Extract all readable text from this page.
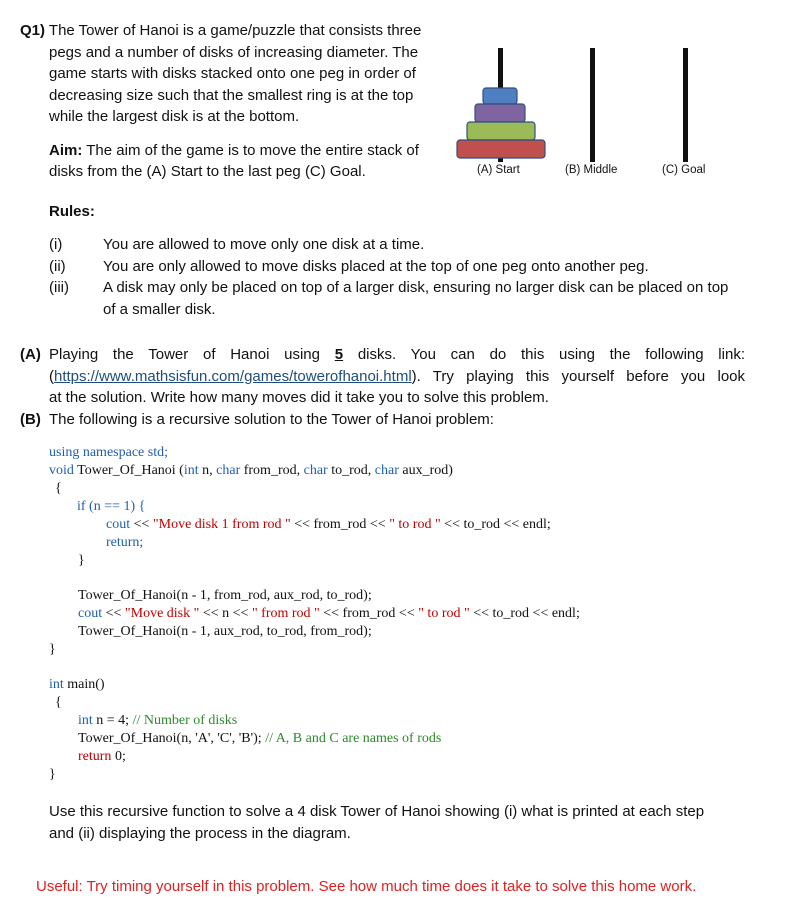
Q1) The Tower of Hanoi is a game/puzzle that consists three
pegs and a number of disks of increasing diameter. The
game starts with disks stacked onto one peg in order of
decreasing size such that the smallest ring is at the top
while the largest disk is at the bottom.
Aim: The aim of the game is to move the entire stack of
disks from the (A) Start to the last peg (C) Goal.	(A) Start	(B) Middle	(C) Goal
Rules:
(i)	You are allowed to move only one disk at a time.
(ii)	You are only allowed to move disks placed at the top of one peg onto another peg.
(iii)	A disk may only be placed on top of a larger disk, ensuring no larger disk can be placed on top
of a smaller disk.
(A) Playing the Tower of Hanoi using 5 disks. You can do this using the following link:
(https://www.mathsisfun.com/games/towerofhanoi.html). Try playing this yourself before you look
at the solution. Write how many moves did it take you to solve this problem.
(B) The following is a recursive solution to the Tower of Hanoi problem:
using namespace std;
void Tower_Of_Hanoi (int n, char from_rod, char to_rod, char aux_rod)
{
if (n == 1) {
cout << "Move disk 1 from rod " << from_rod << " to rod " << to_rod << endl;
return;
}
Tower_Of_Hanoi(n - 1, from_rod, aux_rod, to_rod);
cout << "Move disk " << n << " from rod " << from_rod << " to rod " << to_rod << endl;
Tower_Of_Hanoi(n - 1, aux_rod, to_rod, from_rod);
}
int main()
{
int n = 4; // Number of disks
Tower_Of_Hanoi(n, 'A', 'C', 'B'); // A, B and C are names of rods
return 0;
}
Use this recursive function to solve a 4 disk Tower of Hanoi showing (i) what is printed at each step
and (ii) displaying the process in the diagram.
Useful: Try timing yourself in this problem. See how much time does it take to solve this home work.
